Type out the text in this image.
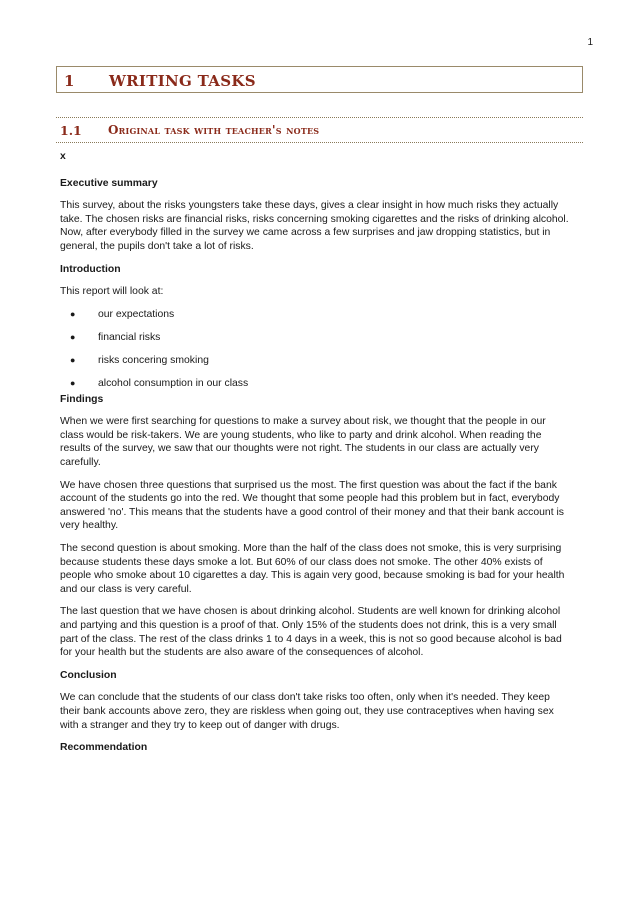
1
1 WRITING TASKS
1.1 Original task with teacher's notes
x
Executive summary

This survey, about the risks youngsters take these days, gives a clear insight in how much risks they actually take. The chosen risks are financial risks, risks concerning smoking cigarettes and the risks of drinking alcohol. Now, after everybody filled in the survey we came across a few surprises and jaw dropping statistics, but in general, the pupils don't take a lot of risks.

Introduction

This report will look at:

●	our expectations
●	financial risks
●	risks concering smoking
●	alcohol consumption in our class
Findings

When we were first searching for questions to make a survey about risk, we thought that the people in our class would be risk-takers. We are young students, who like to party and drink alcohol. When reading the results of the survey, we saw that our thoughts were not right. The students in our class are actually very carefully.

We have chosen three questions that surprised us the most. The first question was about the fact if the bank account of the students go into the red. We thought that some people had this problem but in fact, everybody answered 'no'. This means that the students have a good control of their money and that their bank account is very healthy.

The second question is about smoking. More than the half of the class does not smoke, this is very surprising because students these days smoke a lot. But 60% of our class does not smoke. The other 40% exists of people who smoke about 10 cigarettes a day. This is again very good, because smoking is bad for your health and our class is very careful.

The last question that we have chosen is about drinking alcohol. Students are well known for drinking alcohol and partying and this question is a proof of that. Only 15% of the students does not drink, this is a very small part of the class. The rest of the class drinks 1 to 4 days in a week, this is not so good because alcohol is bad for your health but the students are also aware of the consequences of alcohol.

Conclusion

We can conclude that the students of our class don't take risks too often, only when it's needed. They keep their bank accounts above zero, they are riskless when going out, they use contraceptives when having sex with a stranger and they try to keep out of danger with drugs.

Recommendation
